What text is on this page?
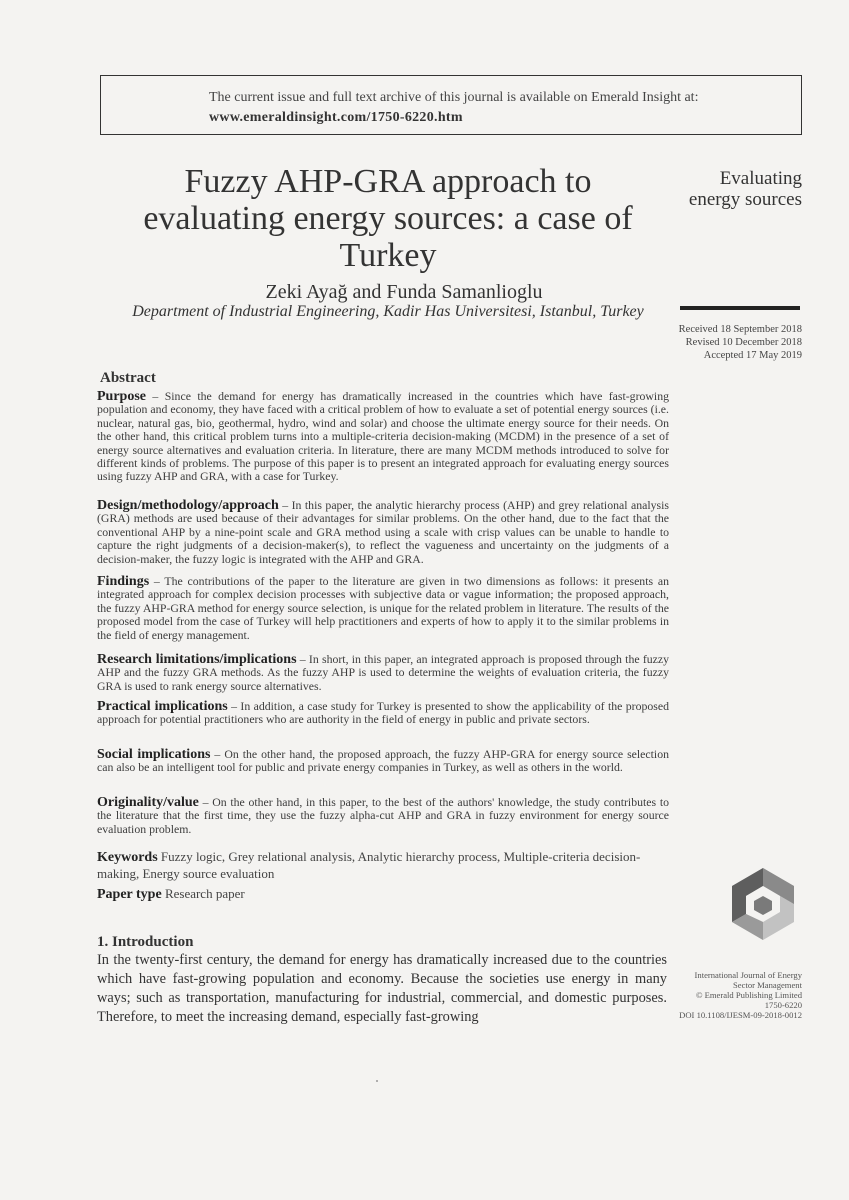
The current issue and full text archive of this journal is available on Emerald Insight at:
www.emeraldinsight.com/1750-6220.htm
Fuzzy AHP-GRA approach to evaluating energy sources: a case of Turkey
Zeki Ayağ and Funda Samanlioglu
Department of Industrial Engineering, Kadir Has Universitesi, Istanbul, Turkey
Evaluating energy sources
Received 18 September 2018
Revised 10 December 2018
Accepted 17 May 2019
Abstract

Purpose – Since the demand for energy has dramatically increased in the countries which have fast-growing population and economy, they have faced with a critical problem of how to evaluate a set of potential energy sources (i.e. nuclear, natural gas, bio, geothermal, hydro, wind and solar) and choose the ultimate energy source for their needs. On the other hand, this critical problem turns into a multiple-criteria decision-making (MCDM) in the presence of a set of energy source alternatives and evaluation criteria. In literature, there are many MCDM methods introduced to solve for different kinds of problems. The purpose of this paper is to present an integrated approach for evaluating energy sources using fuzzy AHP and GRA, with a case for Turkey.

Design/methodology/approach – In this paper, the analytic hierarchy process (AHP) and grey relational analysis (GRA) methods are used because of their advantages for similar problems. On the other hand, due to the fact that the conventional AHP by a nine-point scale and GRA method using a scale with crisp values can be unable to handle to capture the right judgments of a decision-maker(s), to reflect the vagueness and uncertainty on the judgments of a decision-maker, the fuzzy logic is integrated with the AHP and GRA.

Findings – The contributions of the paper to the literature are given in two dimensions as follows: it presents an integrated approach for complex decision processes with subjective data or vague information; the proposed approach, the fuzzy AHP-GRA method for energy source selection, is unique for the related problem in literature. The results of the proposed model from the case of Turkey will help practitioners and experts of how to apply it to the similar problems in the field of energy management.

Research limitations/implications – In short, in this paper, an integrated approach is proposed through the fuzzy AHP and the fuzzy GRA methods. As the fuzzy AHP is used to determine the weights of evaluation criteria, the fuzzy GRA is used to rank energy source alternatives.

Practical implications – In addition, a case study for Turkey is presented to show the applicability of the proposed approach for potential practitioners who are authority in the field of energy in public and private sectors.

Social implications – On the other hand, the proposed approach, the fuzzy AHP-GRA for energy source selection can also be an intelligent tool for public and private energy companies in Turkey, as well as others in the world.

Originality/value – On the other hand, in this paper, to the best of the authors' knowledge, the study contributes to the literature that the first time, they use the fuzzy alpha-cut AHP and GRA in fuzzy environment for energy source evaluation problem.

Keywords Fuzzy logic, Grey relational analysis, Analytic hierarchy process, Multiple-criteria decision-making, Energy source evaluation
Paper type Research paper
1. Introduction

In the twenty-first century, the demand for energy has dramatically increased due to the countries which have fast-growing population and economy. Because the societies use energy in many ways; such as transportation, manufacturing for industrial, commercial, and domestic purposes. Therefore, to meet the increasing demand, especially fast-growing

International Journal of Energy
Sector Management
© Emerald Publishing Limited
1750-6220
DOI 10.1108/IJESM-09-2018-0012
